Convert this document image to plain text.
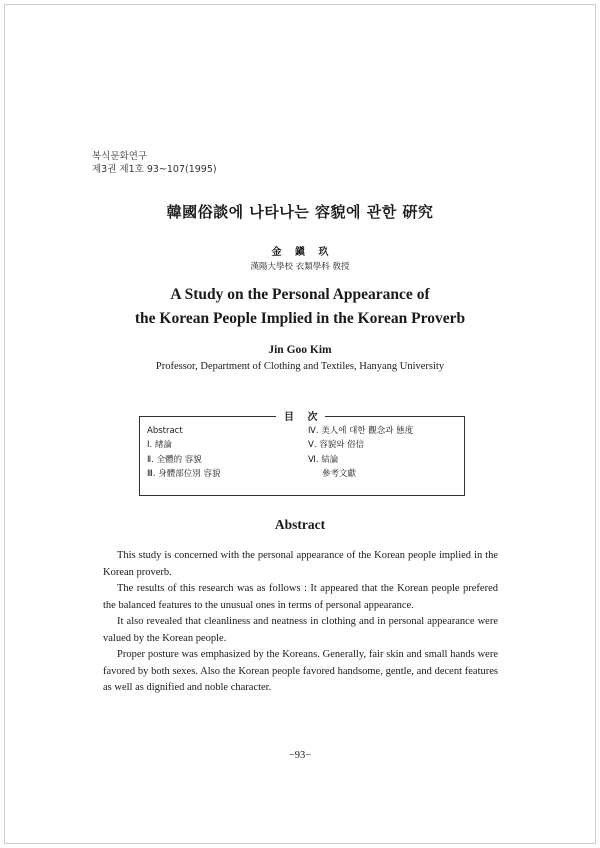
복식문화연구
제3권 제1호 93~107(1995)
韓國俗談에 나타나는 容貌에 관한 硏究
金 鎭 玖
漢陽大學校 衣類學科 敎授
A Study on the Personal Appearance of
the Korean People Implied in the Korean Proverb
Jin Goo Kim
Professor, Department of Clothing and Textiles, Hanyang University
目 次
Abstract
Ⅰ. 緖論
Ⅱ. 全體的 容貌
Ⅲ. 身體部位別 容貌
Ⅳ. 美人에 대한 觀念과 態度
Ⅴ. 容貌와 俗信
Ⅵ. 結論
參考文獻
Abstract

This study is concerned with the personal appearance of the Korean people implied in the Korean proverb.

The results of this research was as follows : It appeared that the Korean people prefered the balanced features to the unusual ones in terms of personal appearance.

It also revealed that cleanliness and neatness in clothing and in personal appearance were valued by the Korean people.

Proper posture was emphasized by the Koreans. Generally, fair skin and small hands were favored by both sexes. Also the Korean people favored handsome, gentle, and decent features as well as dignified and noble character.

−93−
